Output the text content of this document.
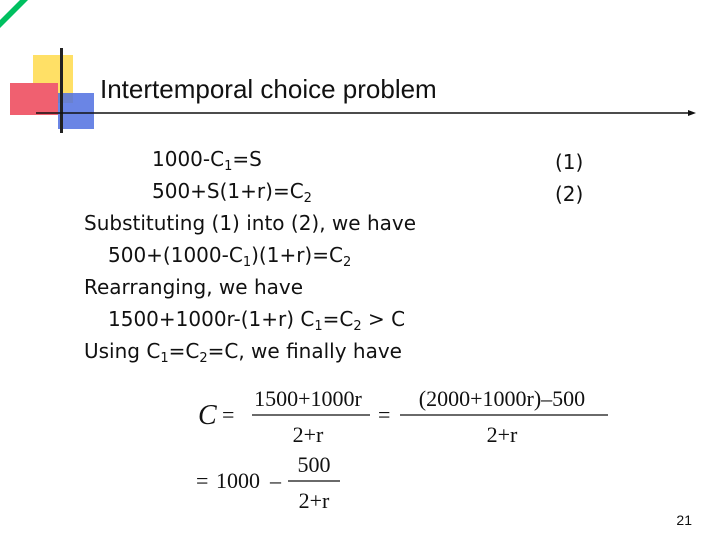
Intertemporal choice problem
$1000-C_1=S$
$500+S(1+r)=C_2$
Substituting (1) into (2), we have
$500+(1000-C_1)(1+r)=C_2$
Rearranging, we have
1500+1000r-(1+r) $C_1=C_2 > C$
Using $C_1=C_2=C$, we finally have
(1)
(2)
C =
1500+1000r
2+r
=
(2000+1000r)–500
2+r
= 1000 –
500
2+r
21
